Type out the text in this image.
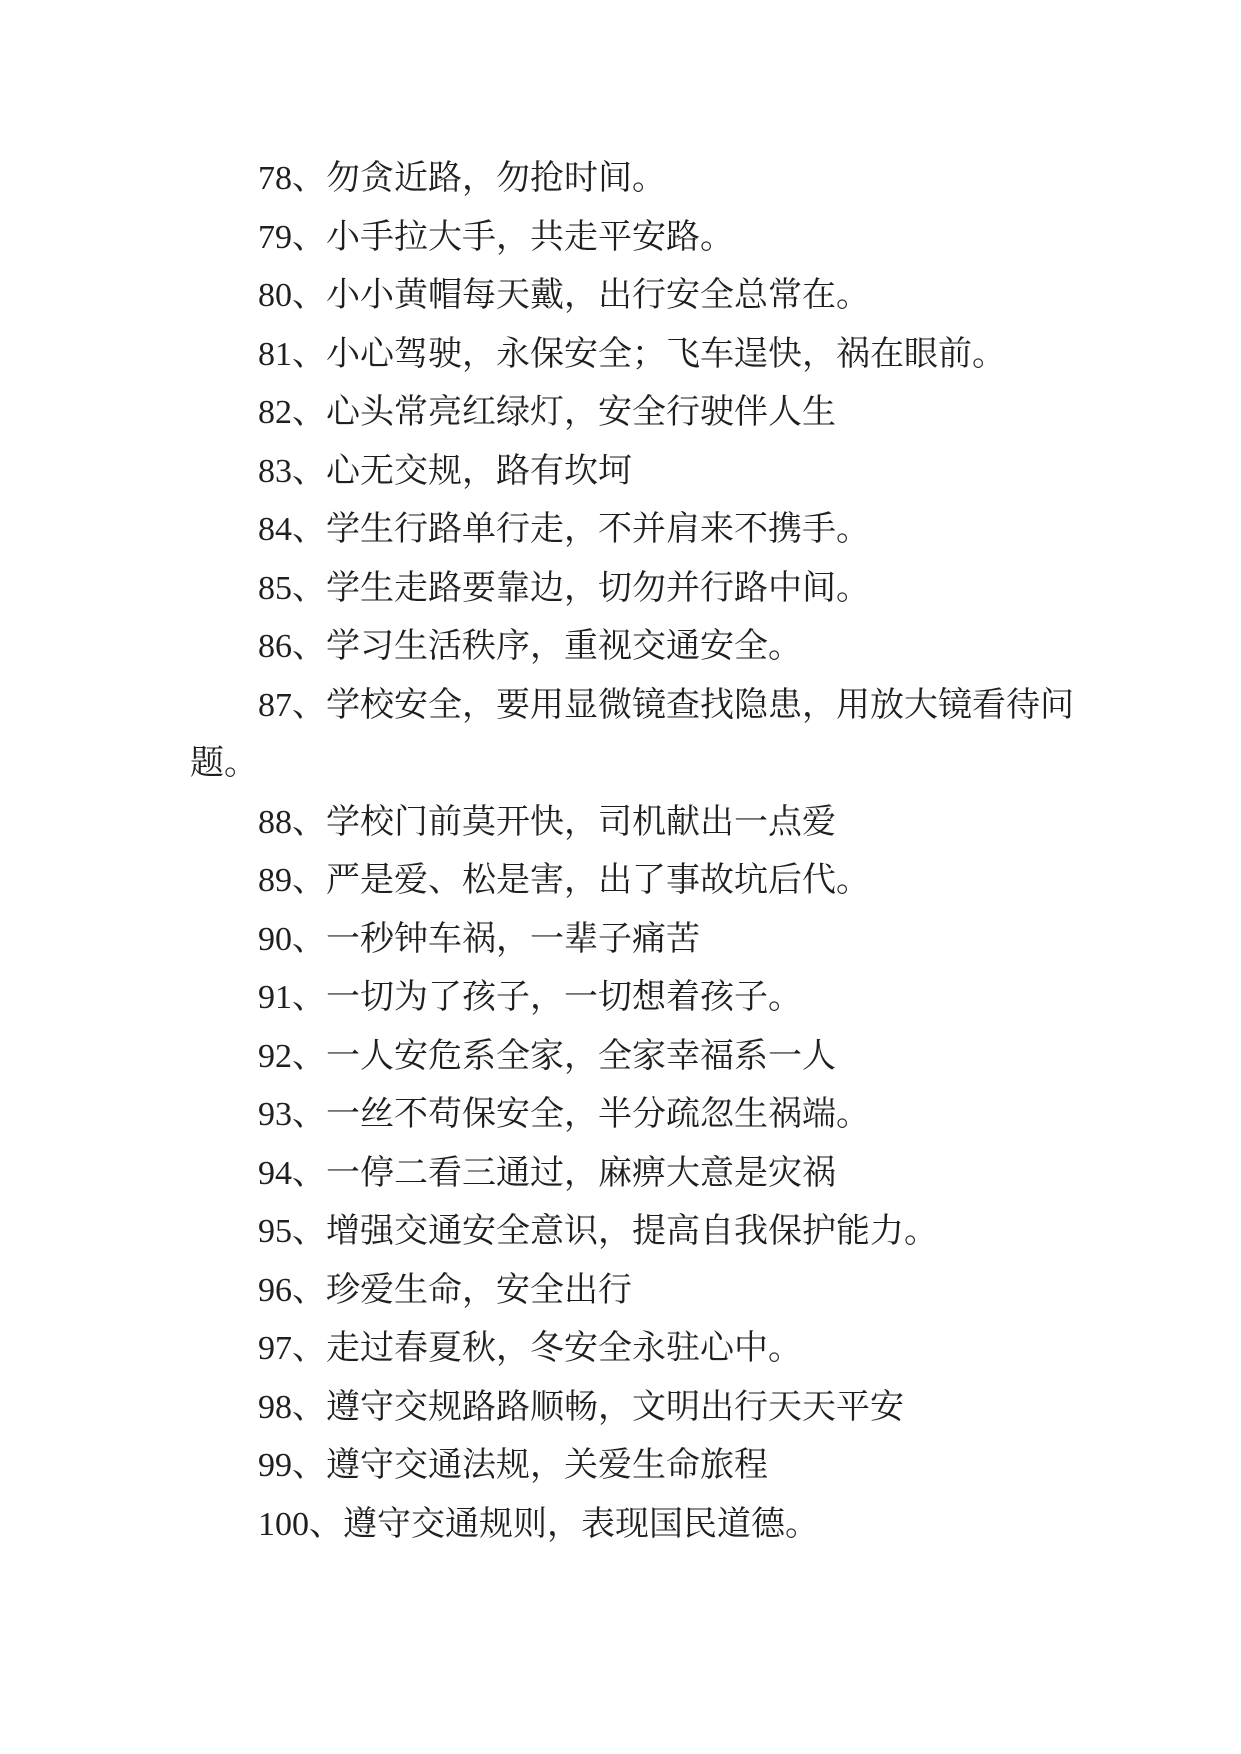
78、勿贪近路，勿抢时间。

79、小手拉大手，共走平安路。

80、小小黄帽每天戴，出行安全总常在。

81、小心驾驶，永保安全；飞车逞快，祸在眼前。

82、心头常亮红绿灯，安全行驶伴人生

83、心无交规，路有坎坷

84、学生行路单行走，不并肩来不携手。

85、学生走路要靠边，切勿并行路中间。

86、学习生活秩序，重视交通安全。

87、学校安全，要用显微镜查找隐患，用放大镜看待问题。

88、学校门前莫开快，司机献出一点爱

89、严是爱、松是害，出了事故坑后代。

90、一秒钟车祸，一辈子痛苦

91、一切为了孩子，一切想着孩子。

92、一人安危系全家，全家幸福系一人

93、一丝不苟保安全，半分疏忽生祸端。

94、一停二看三通过，麻痹大意是灾祸

95、增强交通安全意识，提高自我保护能力。

96、珍爱生命，安全出行

97、走过春夏秋，冬安全永驻心中。

98、遵守交规路路顺畅，文明出行天天平安

99、遵守交通法规，关爱生命旅程

100、遵守交通规则，表现国民道德。
